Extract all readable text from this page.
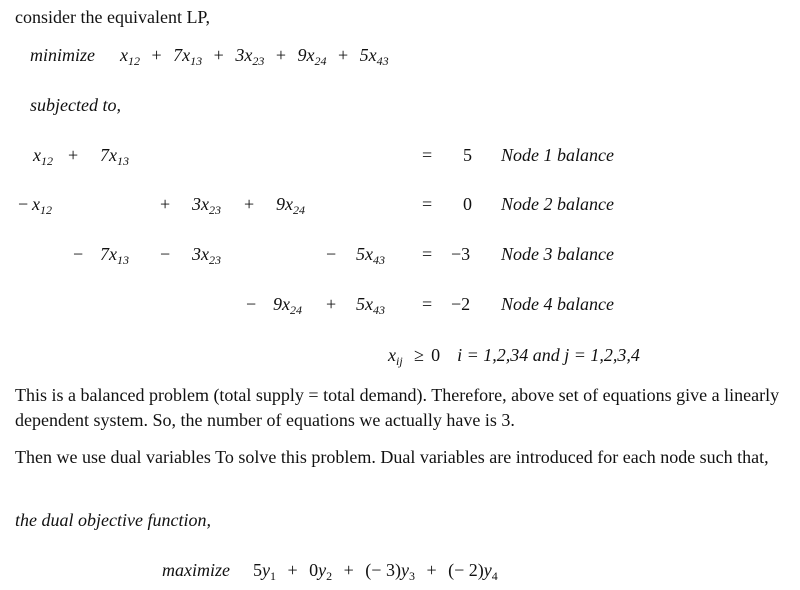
consider the equivalent LP,
minimize $x_{12} + 7x_{13} + 3x_{23} + 9x_{24} + 5x_{43}$
subjected to,
$x_{12} + 7x_{13}$	= 5 Node 1 balance
− $x_{12}$	+ $3x_{23} + 9x_{24}$	= 0 Node 2 balance
− $7x_{13} - 3x_{23}$	− $5x_{43} = -3$ Node 3 balance
− $9x_{24} + 5x_{43} = -2$ Node 4 balance
$x_{ij} \ge 0$ i = 1,2,34 and j = 1,2,3,4
This is a balanced problem (total supply = total demand). Therefore, above set of equations give a linearly dependent system. So, the number of equations we actually have is 3.
Then we use dual variables To solve this problem. Dual variables are introduced for each node such that,
the dual objective function,
maximize $5y_1 + 0y_2$ + (− $3)y_3$ + (− $2)y_4$
